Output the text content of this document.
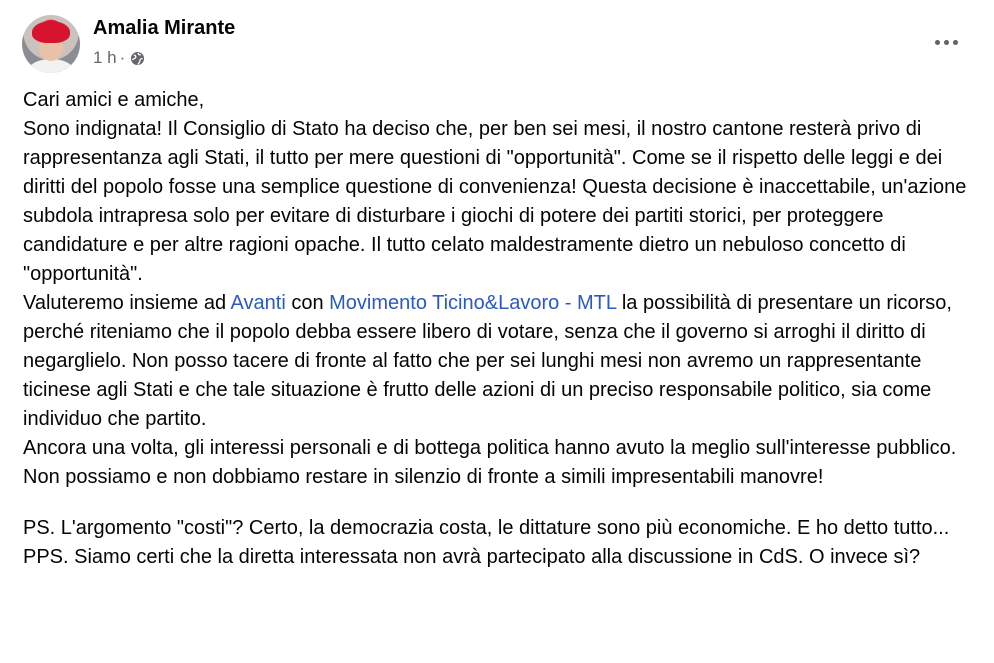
Amalia Mirante
1 h ·

Cari amici e amiche,

Sono indignata! Il Consiglio di Stato ha deciso che, per ben sei mesi, il nostro cantone resterà privo di rappresentanza agli Stati, il tutto per mere questioni di "opportunità". Come se il rispetto delle leggi e dei diritti del popolo fosse una semplice questione di convenienza! Questa decisione è inaccettabile, un'azione subdola intrapresa solo per evitare di disturbare i giochi di potere dei partiti storici, per proteggere candidature e per altre ragioni opache. Il tutto celato maldestramente dietro un nebuloso concetto di "opportunità".

Valuteremo insieme ad Avanti con Movimento Ticino&Lavoro - MTL la possibilità di presentare un ricorso, perché riteniamo che il popolo debba essere libero di votare, senza che il governo si arroghi il diritto di negarglielo. Non posso tacere di fronte al fatto che per sei lunghi mesi non avremo un rappresentante ticinese agli Stati e che tale situazione è frutto delle azioni di un preciso responsabile politico, sia come individuo che partito.

Ancora una volta, gli interessi personali e di bottega politica hanno avuto la meglio sull'interesse pubblico. Non possiamo e non dobbiamo restare in silenzio di fronte a simili impresentabili manovre!

PS. L'argomento "costi"? Certo, la democrazia costa, le dittature sono più economiche. E ho detto tutto...

PPS. Siamo certi che la diretta interessata non avrà partecipato alla discussione in CdS. O invece sì?
